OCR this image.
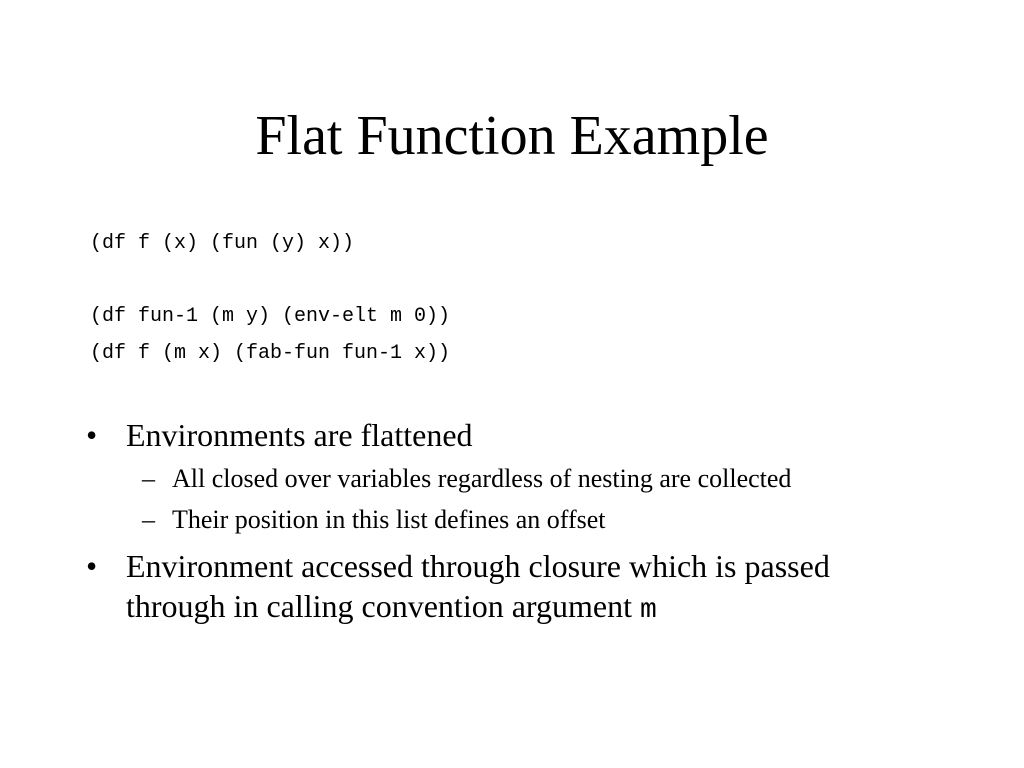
Flat Function Example
(df f (x) (fun (y) x))
(df fun-1 (m y) (env-elt m 0))
(df f (m x) (fab-fun fun-1 x))
• Environments are flattened
– All closed over variables regardless of nesting are collected
– Their position in this list defines an offset
• Environment accessed through closure which is passed through in calling convention argument m
